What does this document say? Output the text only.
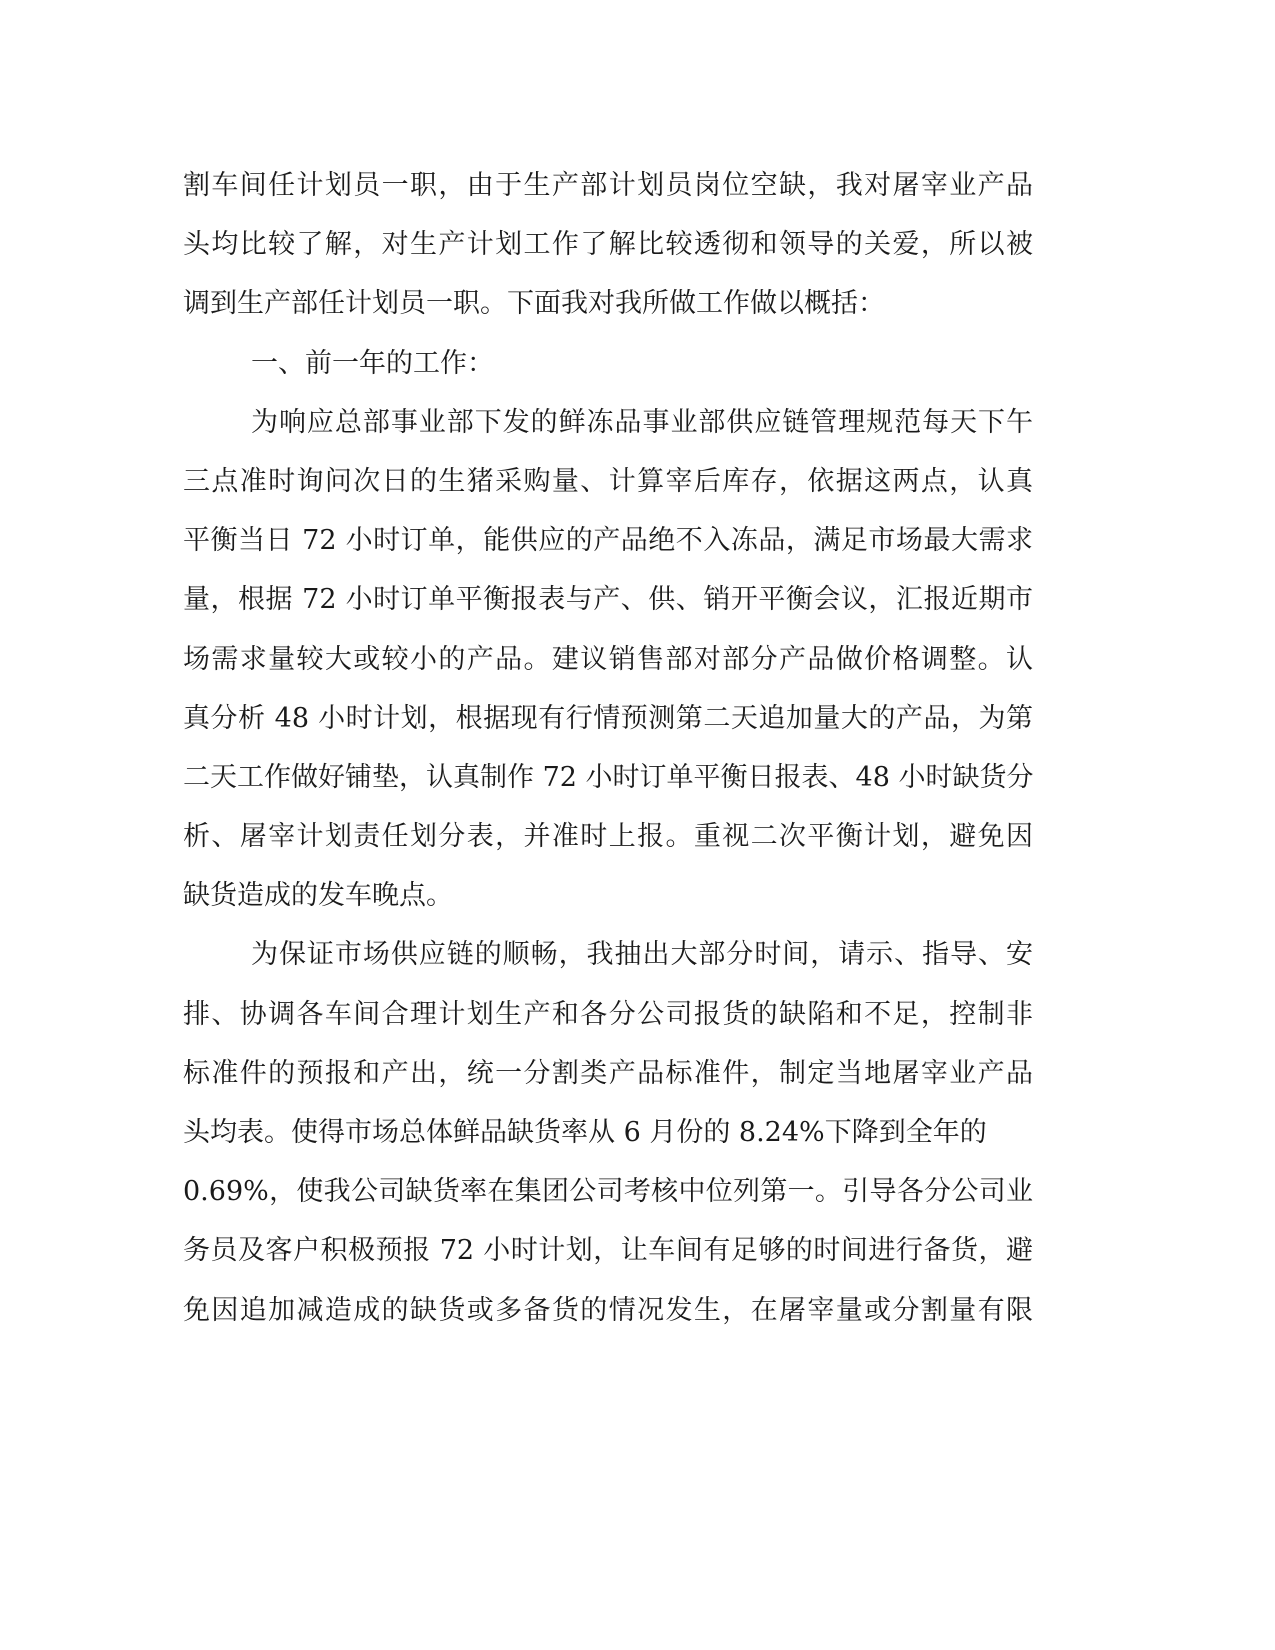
割车间任计划员一职，由于生产部计划员岗位空缺，我对屠宰业产品
头均比较了解，对生产计划工作了解比较透彻和领导的关爱，所以被
调到生产部任计划员一职。下面我对我所做工作做以概括：
一、前一年的工作：
为响应总部事业部下发的鲜冻品事业部供应链管理规范每天下午
三点准时询问次日的生猪采购量、计算宰后库存，依据这两点，认真
平衡当日 72 小时订单，能供应的产品绝不入冻品，满足市场最大需求
量，根据 72 小时订单平衡报表与产、供、销开平衡会议，汇报近期市
场需求量较大或较小的产品。建议销售部对部分产品做价格调整。认
真分析 48 小时计划，根据现有行情预测第二天追加量大的产品，为第
二天工作做好铺垫，认真制作 72 小时订单平衡日报表、48 小时缺货分
析、屠宰计划责任划分表，并准时上报。重视二次平衡计划，避免因
缺货造成的发车晚点。
为保证市场供应链的顺畅，我抽出大部分时间，请示、指导、安
排、协调各车间合理计划生产和各分公司报货的缺陷和不足，控制非
标准件的预报和产出，统一分割类产品标准件，制定当地屠宰业产品
头均表。使得市场总体鲜品缺货率从 6 月份的 8.24%下降到全年的
0.69%，使我公司缺货率在集团公司考核中位列第一。引导各分公司业
务员及客户积极预报 72 小时计划，让车间有足够的时间进行备货，避
免因追加减造成的缺货或多备货的情况发生，在屠宰量或分割量有限
